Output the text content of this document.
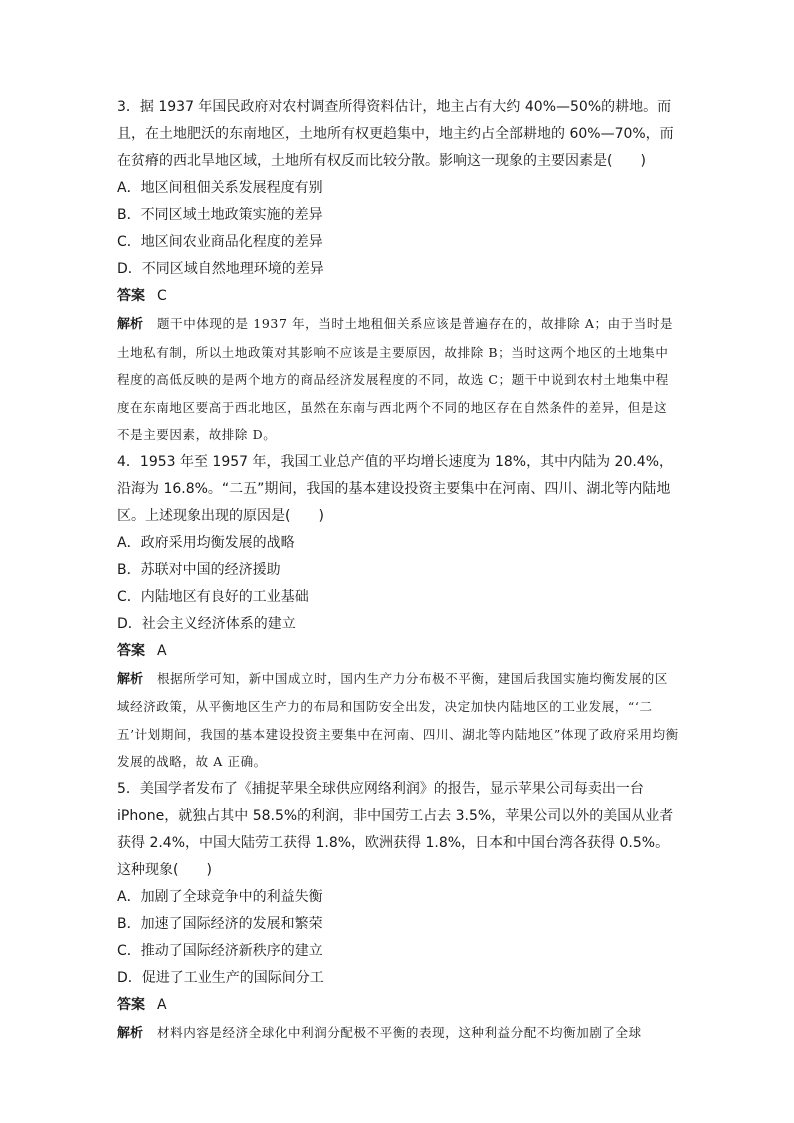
3．据 1937 年国民政府对农村调查所得资料估计，地主占有大约 40%—50%的耕地。而且，在土地肥沃的东南地区，土地所有权更趋集中，地主约占全部耕地的 60%—70%，而在贫瘠的西北旱地区域，土地所有权反而比较分散。影响这一现象的主要因素是(　　)

A．地区间租佃关系发展程度有别

B．不同区域土地政策实施的差异

C．地区间农业商品化程度的差异

D．不同区域自然地理环境的差异

答案 C

解析 题干中体现的是 1937 年，当时土地租佃关系应该是普遍存在的，故排除 A；由于当时是土地私有制，所以土地政策对其影响不应该是主要原因，故排除 B；当时这两个地区的土地集中程度的高低反映的是两个地方的商品经济发展程度的不同，故选 C；题干中说到农村土地集中程度在东南地区要高于西北地区，虽然在东南与西北两个不同的地区存在自然条件的差异，但是这不是主要因素，故排除 D。

4．1953 年至 1957 年，我国工业总产值的平均增长速度为 18%，其中内陆为 20.4%，沿海为 16.8%。“二五”期间，我国的基本建设投资主要集中在河南、四川、湖北等内陆地区。上述现象出现的原因是(　　)

A．政府采用均衡发展的战略

B．苏联对中国的经济援助

C．内陆地区有良好的工业基础

D．社会主义经济体系的建立

答案 A

解析 根据所学可知，新中国成立时，国内生产力分布极不平衡，建国后我国实施均衡发展的区域经济政策，从平衡地区生产力的布局和国防安全出发，决定加快内陆地区的工业发展，“‘二五’计划期间，我国的基本建设投资主要集中在河南、四川、湖北等内陆地区”体现了政府采用均衡发展的战略，故 A 正确。

5．美国学者发布了《捕捉苹果全球供应网络利润》的报告，显示苹果公司每卖出一台 iPhone，就独占其中 58.5%的利润，非中国劳工占去 3.5%，苹果公司以外的美国从业者获得 2.4%，中国大陆劳工获得 1.8%，欧洲获得 1.8%，日本和中国台湾各获得 0.5%。这种现象(　　)

A．加剧了全球竞争中的利益失衡

B．加速了国际经济的发展和繁荣

C．推动了国际经济新秩序的建立

D．促进了工业生产的国际间分工

答案 A

解析 材料内容是经济全球化中利润分配极不平衡的表现，这种利益分配不均衡加剧了全球
